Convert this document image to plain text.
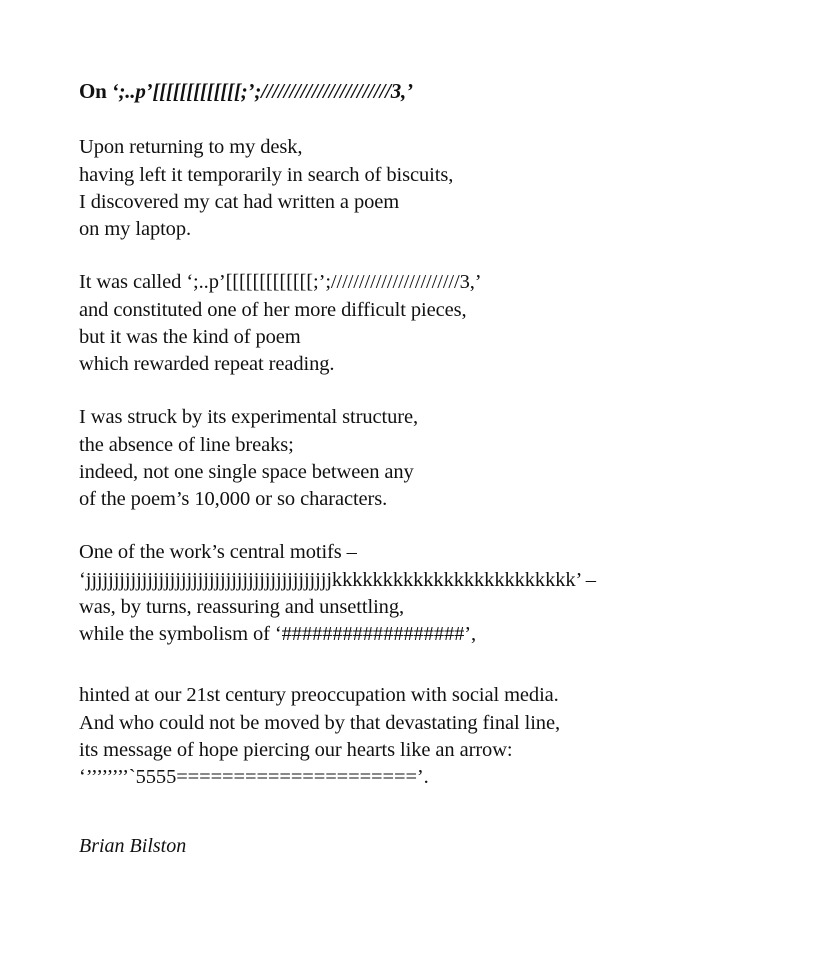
On ‘;..p’[[[[[[[[[[[[[;’;///////////////////////3,’
Upon returning to my desk,
having left it temporarily in search of biscuits,
I discovered my cat had written a poem
on my laptop.
It was called ‘;..p’[[[[[[[[[[[[[;’;///////////////////////3,’
and constituted one of her more difficult pieces,
but it was the kind of poem
which rewarded repeat reading.
I was struck by its experimental structure,
the absence of line breaks;
indeed, not one single space between any
of the poem’s 10,000 or so characters.
One of the work’s central motifs –
‘jjjjjjjjjjjjjjjjjjjjjjjjjjjjjjjjjjjjjjjjjjjjkkkkkkkkkkkkkkkkkkkkkkkk’ –
was, by turns, reassuring and unsettling,
while the symbolism of ‘##################’,
hinted at our 21st century preoccupation with social media.
And who could not be moved by that devastating final line,
its message of hope piercing our hearts like an arrow:
‘’’’’’’’’`5555=====================’.
Brian Bilston
